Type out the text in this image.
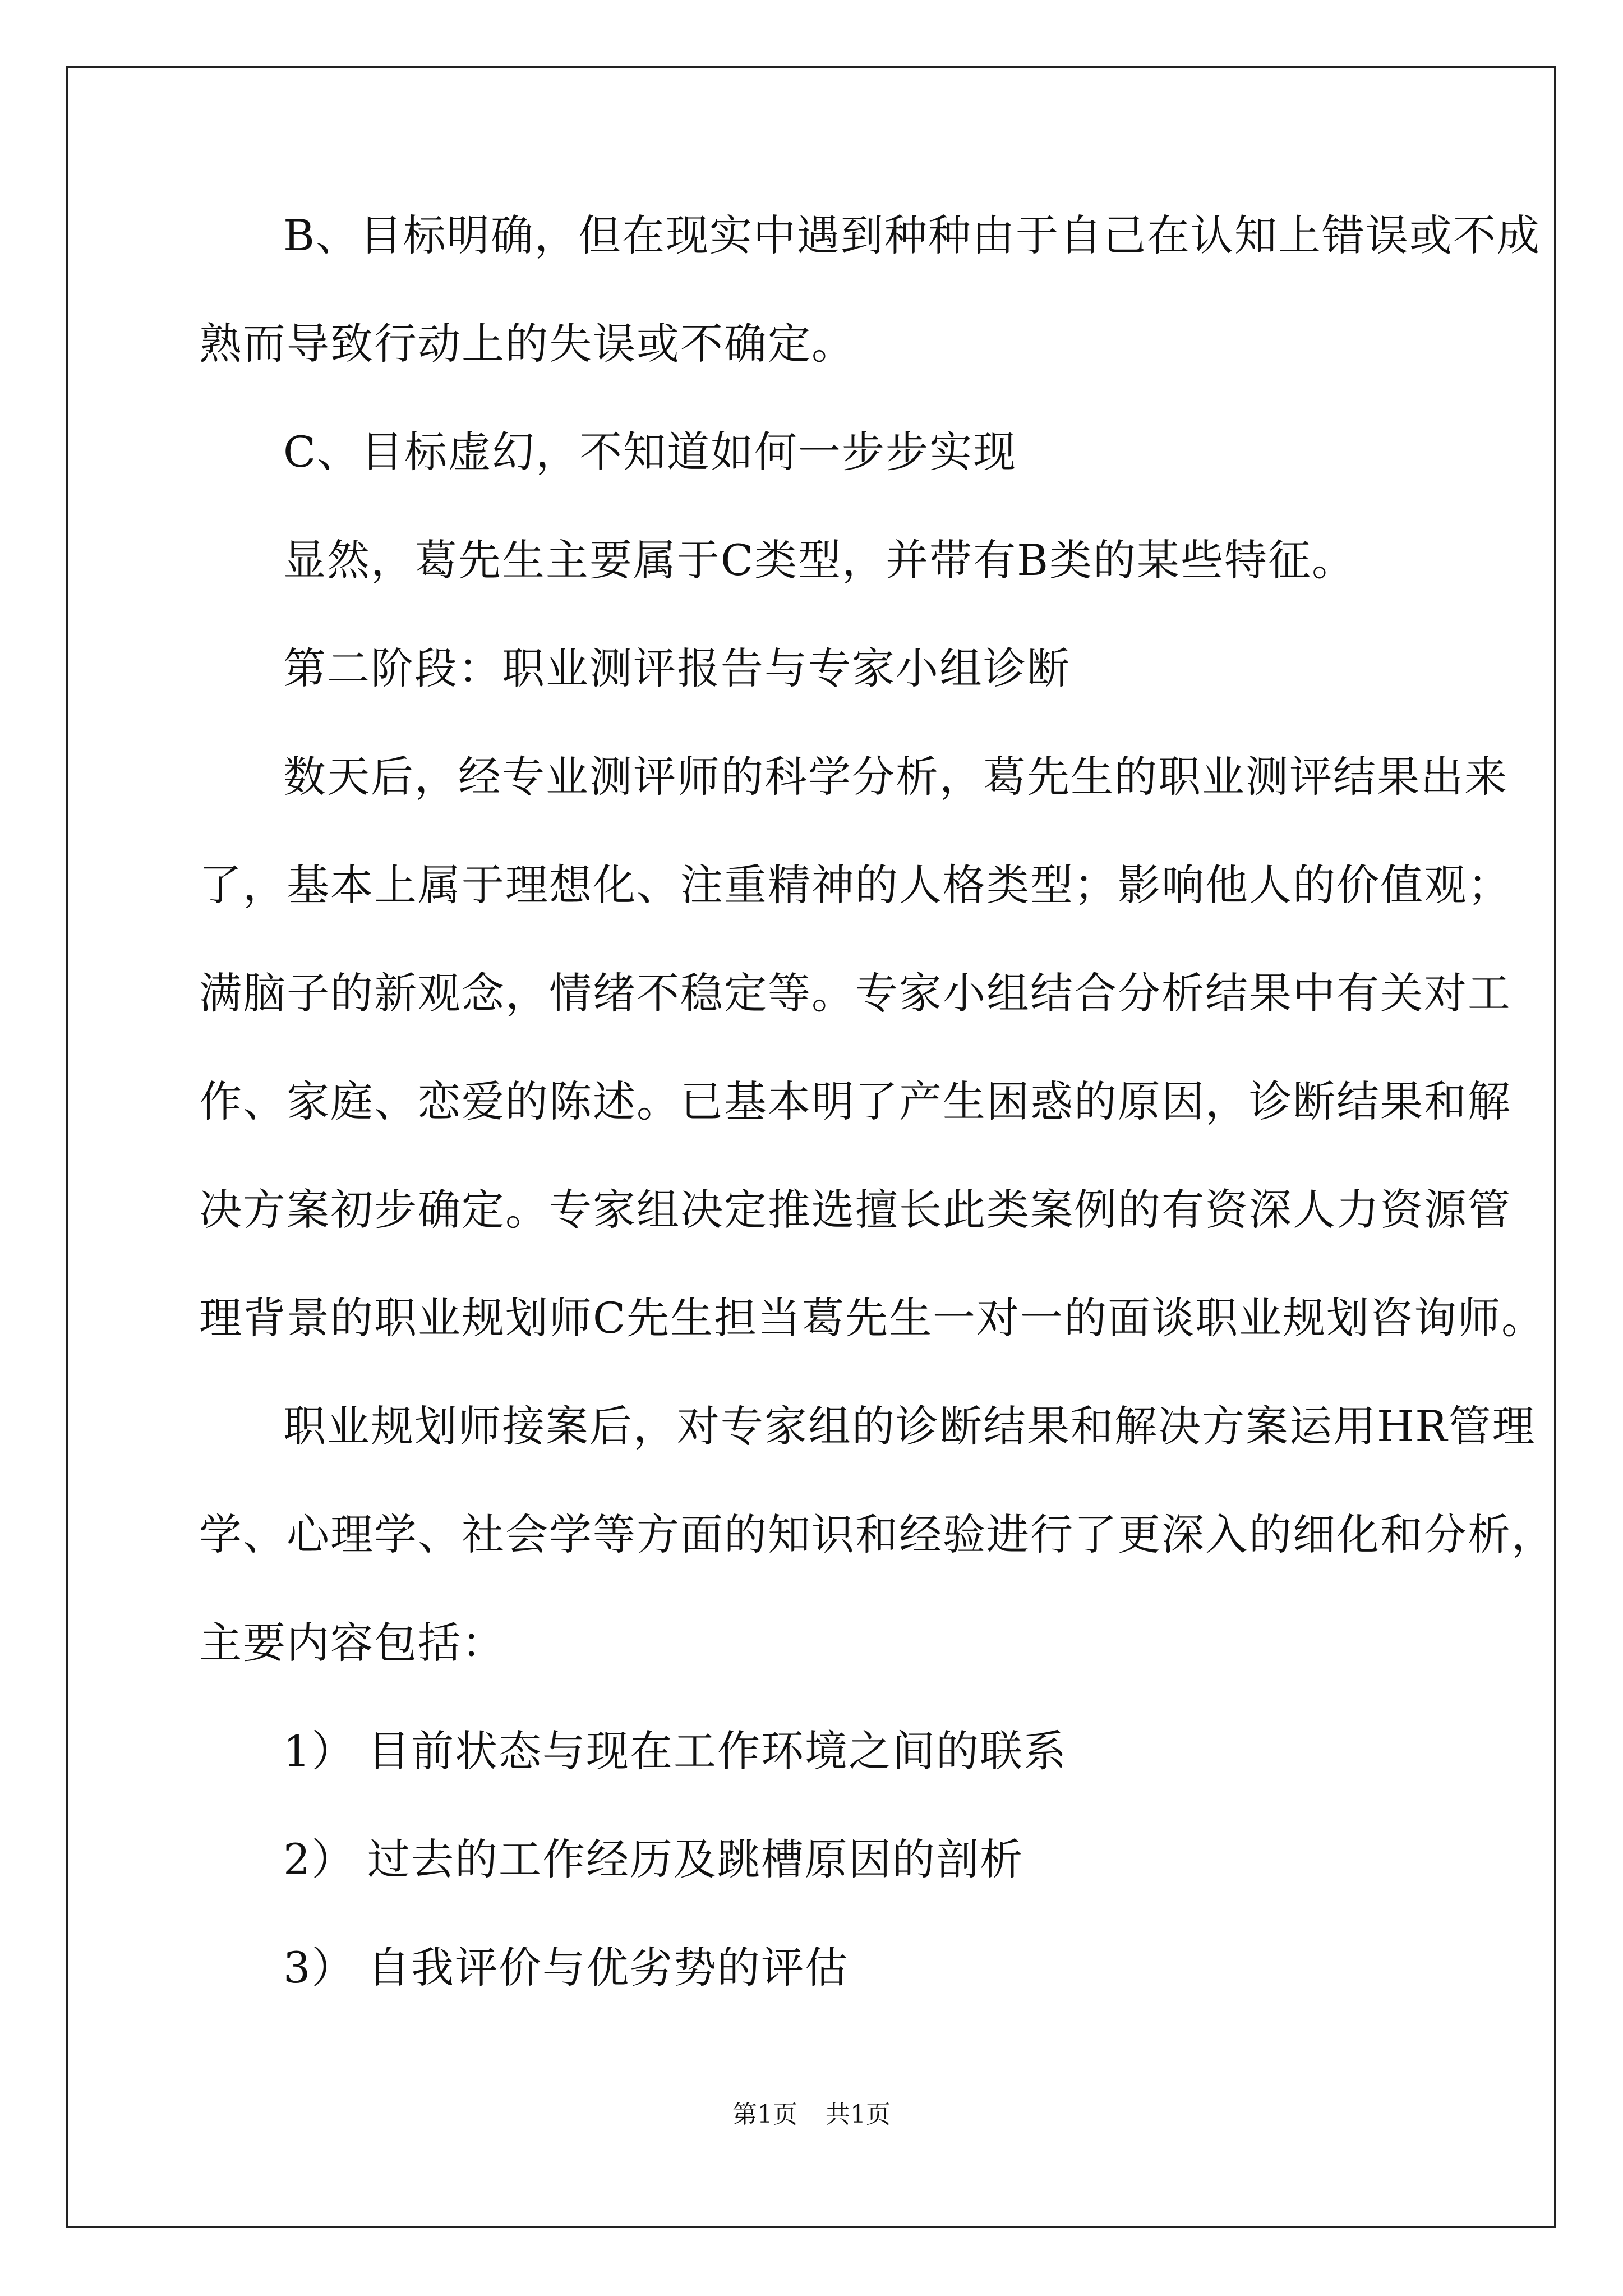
B、目标明确，但在现实中遇到种种由于自己在认知上错误或不成
熟而导致行动上的失误或不确定。
C、目标虚幻，不知道如何一步步实现
显然，葛先生主要属于C类型，并带有B类的某些特征。
第二阶段：职业测评报告与专家小组诊断
数天后，经专业测评师的科学分析，葛先生的职业测评结果出来
了，基本上属于理想化、注重精神的人格类型；影响他人的价值观；
满脑子的新观念，情绪不稳定等。专家小组结合分析结果中有关对工
作、家庭、恋爱的陈述。已基本明了产生困惑的原因，诊断结果和解
决方案初步确定。专家组决定推选擅长此类案例的有资深人力资源管
理背景的职业规划师C先生担当葛先生一对一的面谈职业规划咨询师。
职业规划师接案后，对专家组的诊断结果和解决方案运用HR管理
学、心理学、社会学等方面的知识和经验进行了更深入的细化和分析，
主要内容包括：
1） 目前状态与现在工作环境之间的联系
2） 过去的工作经历及跳槽原因的剖析
3） 自我评价与优劣势的评估
第1页 共1页
